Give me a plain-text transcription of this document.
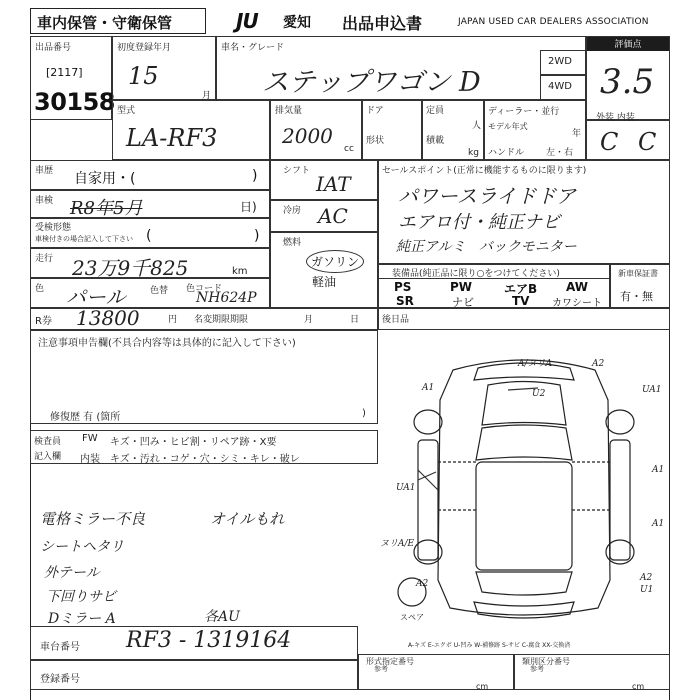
車内保管・守衛保管	JU 愛知 出品申込書	JAPAN USED CAR DEALERS ASSOCIATION
出品番号
[2117]
30158
初度登録年月
15
月
車名・グレード
ステップワゴン D
2WD
4WD
評価点
3.5
型式
LA-RF3
排気量
2000
cc
ドア
形状
定員
人
積載
kg
ディーラー・並行
モデル年式
年
ハンドル 左・右
外装 内装
C C
車歴 自家用・(	)
車検 R8年5月	日)
受検形態
車検付きの場合記入して下さい (	)
走行 23万9千825	km
色 パール	色替 色コード
NH624P
シフト
IAT
冷房 AC
燃料
ガソリン
軽油
セールスポイント(正常に機能するものに限ります)
パワースライドドア
エアロ付・純正ナビ
純正アルミ   バックモニター
装備品(純正品に限り○をつけてください)
PS	PW	エアB AW
SR	ナビ	TV カワシート
新車保証書
有・無
R券 13800	円 名変期限期限	月	日	後日品
注意事項申告欄(不具合内容等は具体的に記入して下さい)
修復歴 有 (箇所	)
検査員
記入欄
FW キズ・凹み・ヒビ割・リペア跡・X要
内装 キズ・汚れ・コゲ・穴・シミ・キレ・破レ
電格ミラー不良	オイルもれ
シートヘタリ
外テール
下回りサビ
Dミラー A	各AU
A/ヌリA	A2
U2
A1	UA1
A1
UA1
A1
ヌリA/E
A2
A2
U1
スペア
A-キズ E-エクボ U-凹み W-補修跡 S-サビ C-腐食 XX-交換済
車台番号 RF3 - 1319164
登録番号
形式指定番号
参考
cm
類別区分番号
参考
cm
